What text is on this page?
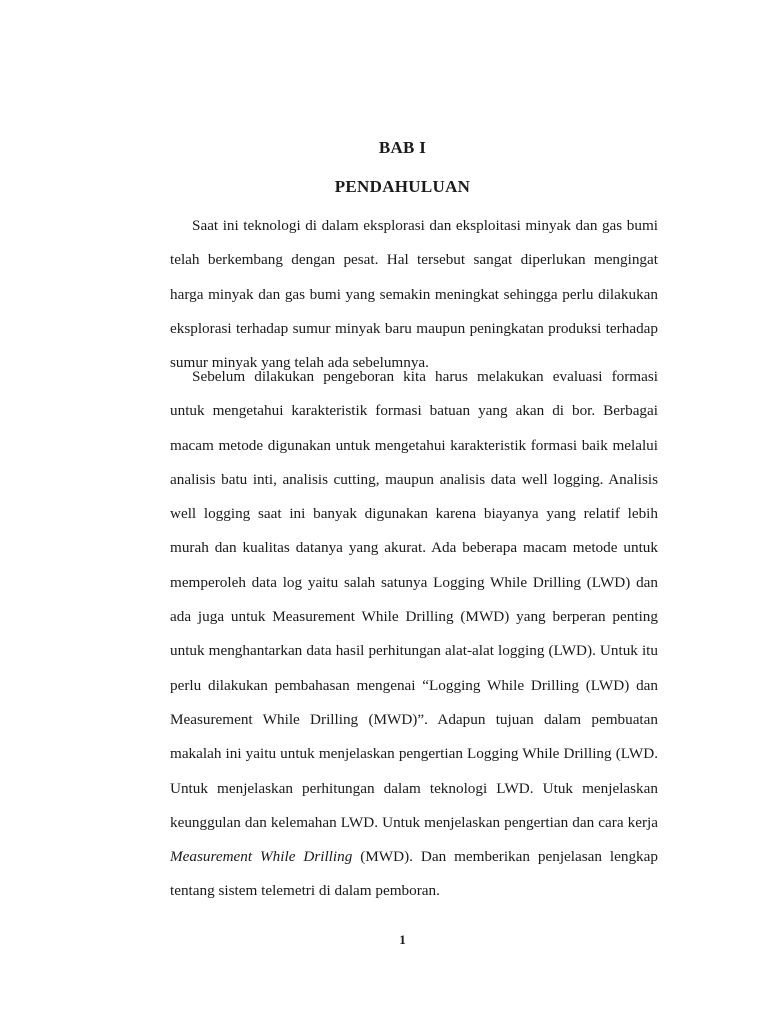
BAB I
PENDAHULUAN

Saat ini teknologi di dalam eksplorasi dan eksploitasi minyak dan gas bumi telah berkembang dengan pesat. Hal tersebut sangat diperlukan mengingat harga minyak dan gas bumi yang semakin meningkat sehingga perlu dilakukan eksplorasi terhadap sumur minyak baru maupun peningkatan produksi terhadap sumur minyak yang telah ada sebelumnya.

Sebelum dilakukan pengeboran kita harus melakukan evaluasi formasi untuk mengetahui karakteristik formasi batuan yang akan di bor. Berbagai macam metode digunakan untuk mengetahui karakteristik formasi baik melalui analisis batu inti, analisis cutting, maupun analisis data well logging. Analisis well logging saat ini banyak digunakan karena biayanya yang relatif lebih murah dan kualitas datanya yang akurat. Ada beberapa macam metode untuk memperoleh data log yaitu salah satunya Logging While Drilling (LWD) dan ada juga untuk Measurement While Drilling (MWD) yang berperan penting untuk menghantarkan data hasil perhitungan alat-alat logging (LWD). Untuk itu perlu dilakukan pembahasan mengenai “Logging While Drilling (LWD) dan Measurement While Drilling (MWD)”. Adapun tujuan dalam pembuatan makalah ini yaitu untuk menjelaskan pengertian Logging While Drilling (LWD. Untuk menjelaskan perhitungan dalam teknologi LWD. Utuk menjelaskan keunggulan dan kelemahan LWD. Untuk menjelaskan pengertian dan cara kerja Measurement While Drilling (MWD). Dan memberikan penjelasan lengkap tentang sistem telemetri di dalam pemboran.

1
